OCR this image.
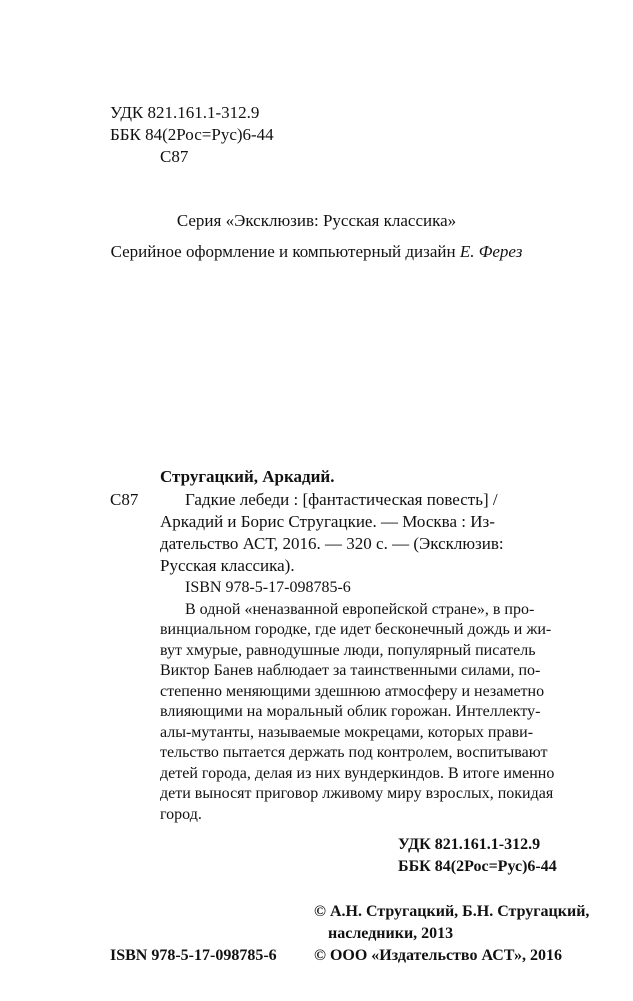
УДК 821.161.1-312.9
ББК 84(2Рос=Рус)6-44
С87
Серия «Эксклюзив: Русская классика»
Серийное оформление и компьютерный дизайн Е. Ферез
Стругацкий, Аркадий.
С87	Гадкие лебеди : [фантастическая повесть] /
Аркадий и Борис Стругацкие. — Москва : Из-
дательство АСТ, 2016. — 320 с. — (Эксклюзив:
Русская классика).
ISBN 978-5-17-098785-6
В одной «неназванной европейской стране», в про-
винциальном городке, где идет бесконечный дождь и жи-
вут хмурые, равнодушные люди, популярный писатель
Виктор Банев наблюдает за таинственными силами, по-
степенно меняющими здешнюю атмосферу и незаметно
влияющими на моральный облик горожан. Интеллекту-
алы-мутанты, называемые мокрецами, которых прави-
тельство пытается держать под контролем, воспитывают
детей города, делая из них вундеркиндов. В итоге именно
дети выносят приговор лживому миру взрослых, покидая
город.
УДК 821.161.1-312.9
ББК 84(2Рос=Рус)6-44
© А.Н. Стругацкий, Б.Н. Стругацкий,
наследники, 2013
ISBN 978-5-17-098785-6 © ООО «Издательство АСТ», 2016
